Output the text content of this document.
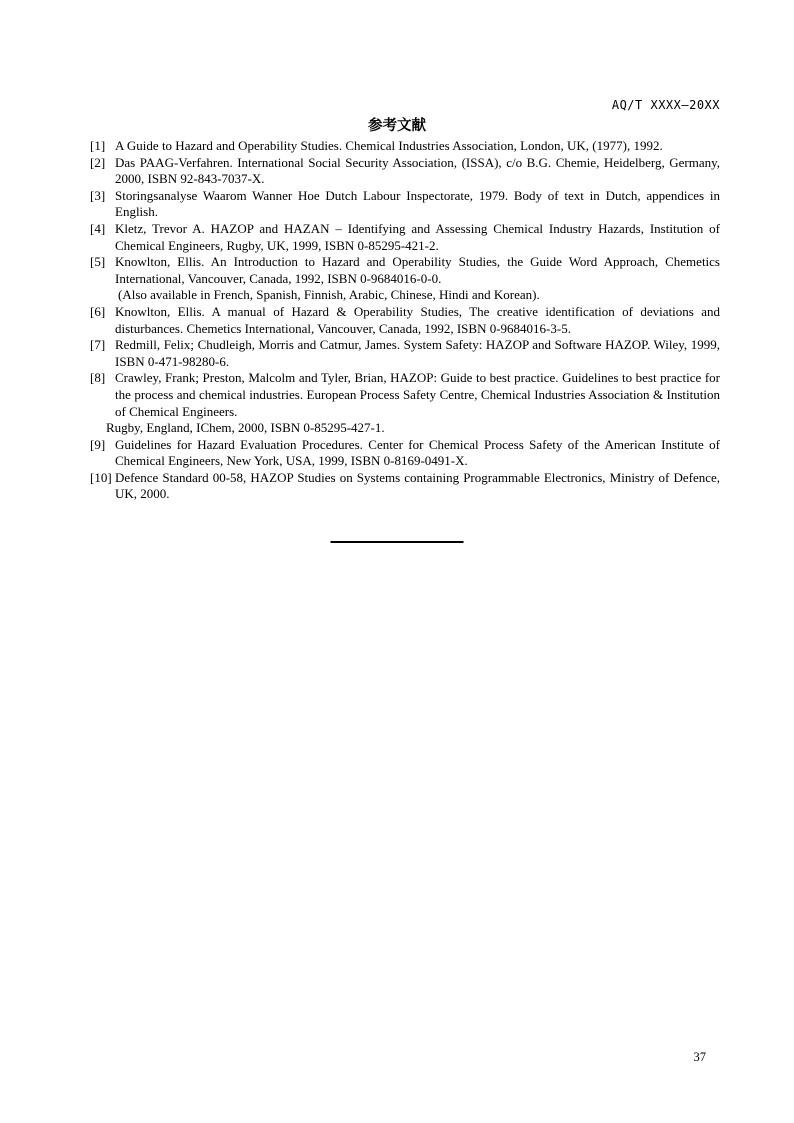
AQ/T XXXX—20XX
参考文献
[1] A Guide to Hazard and Operability Studies. Chemical Industries Association, London, UK, (1977), 1992.
[2] Das PAAG-Verfahren. International Social Security Association, (ISSA), c/o B.G. Chemie, Heidelberg, Germany, 2000, ISBN 92-843-7037-X.
[3] Storingsanalyse Waarom Wanner Hoe Dutch Labour Inspectorate, 1979. Body of text in Dutch, appendices in English.
[4] Kletz, Trevor A. HAZOP and HAZAN – Identifying and Assessing Chemical Industry Hazards, Institution of Chemical Engineers, Rugby, UK, 1999, ISBN 0-85295-421-2.
[5] Knowlton, Ellis. An Introduction to Hazard and Operability Studies, the Guide Word Approach, Chemetics International, Vancouver, Canada, 1992, ISBN 0-9684016-0-0.
(Also available in French, Spanish, Finnish, Arabic, Chinese, Hindi and Korean).
[6] Knowlton, Ellis. A manual of Hazard & Operability Studies, The creative identification of deviations and disturbances. Chemetics International, Vancouver, Canada, 1992, ISBN 0-9684016-3-5.
[7] Redmill, Felix; Chudleigh, Morris and Catmur, James. System Safety: HAZOP and Software HAZOP. Wiley, 1999, ISBN 0-471-98280-6.
[8] Crawley, Frank; Preston, Malcolm and Tyler, Brian, HAZOP: Guide to best practice. Guidelines to best practice for the process and chemical industries. European Process Safety Centre, Chemical Industries Association & Institution of Chemical Engineers.
Rugby, England, IChem, 2000, ISBN 0-85295-427-1.
[9] Guidelines for Hazard Evaluation Procedures. Center for Chemical Process Safety of the American Institute of Chemical Engineers, New York, USA, 1999, ISBN 0-8169-0491-X.
[10] Defence Standard 00-58, HAZOP Studies on Systems containing Programmable Electronics, Ministry of Defence, UK, 2000.
37
